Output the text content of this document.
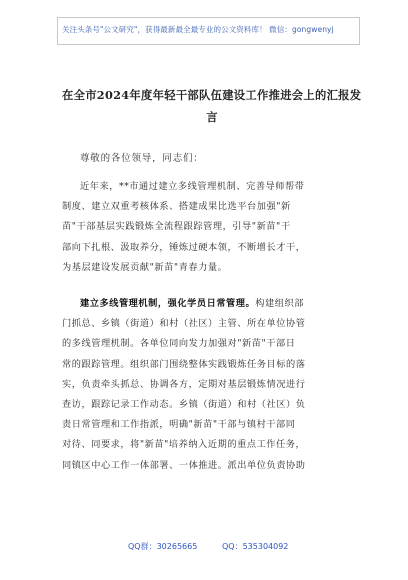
关注头条号"公文研究"，获得最新最全最专业的公文资料库！ 微信：gongwenyj
在全市2024年度年轻干部队伍建设工作推进会上的汇报发
言
尊敬的各位领导，同志们：

近年来，**市通过建立多线管理机制、完善导师帮带

制度、建立双重考核体系、搭建成果比选平台加强"新

苗"干部基层实践锻炼全流程跟踪管理，引导"新苗"干

部向下扎根、汲取养分，锤炼过硬本领，不断增长才干，

为基层建设发展贡献"新苗"青春力量。

建立多线管理机制，强化学员日常管理。构建组织部

门抓总、乡镇（街道）和村（社区）主管、所在单位协管

的多线管理机制。各单位同向发力加强对"新苗"干部日

常的跟踪管理。组织部门围绕整体实践锻炼任务目标的落

实，负责牵头抓总、协调各方，定期对基层锻炼情况进行

查访，跟踪记录工作动态。乡镇（街道）和村（社区）负

责日常管理和工作指派，明确"新苗"干部与镇村干部同

对待、同要求，将"新苗"培养纳入近期的重点工作任务，

同镇区中心工作一体部署、一体推进。派出单位负责协助

QQ群：30265665	QQ：535304092
